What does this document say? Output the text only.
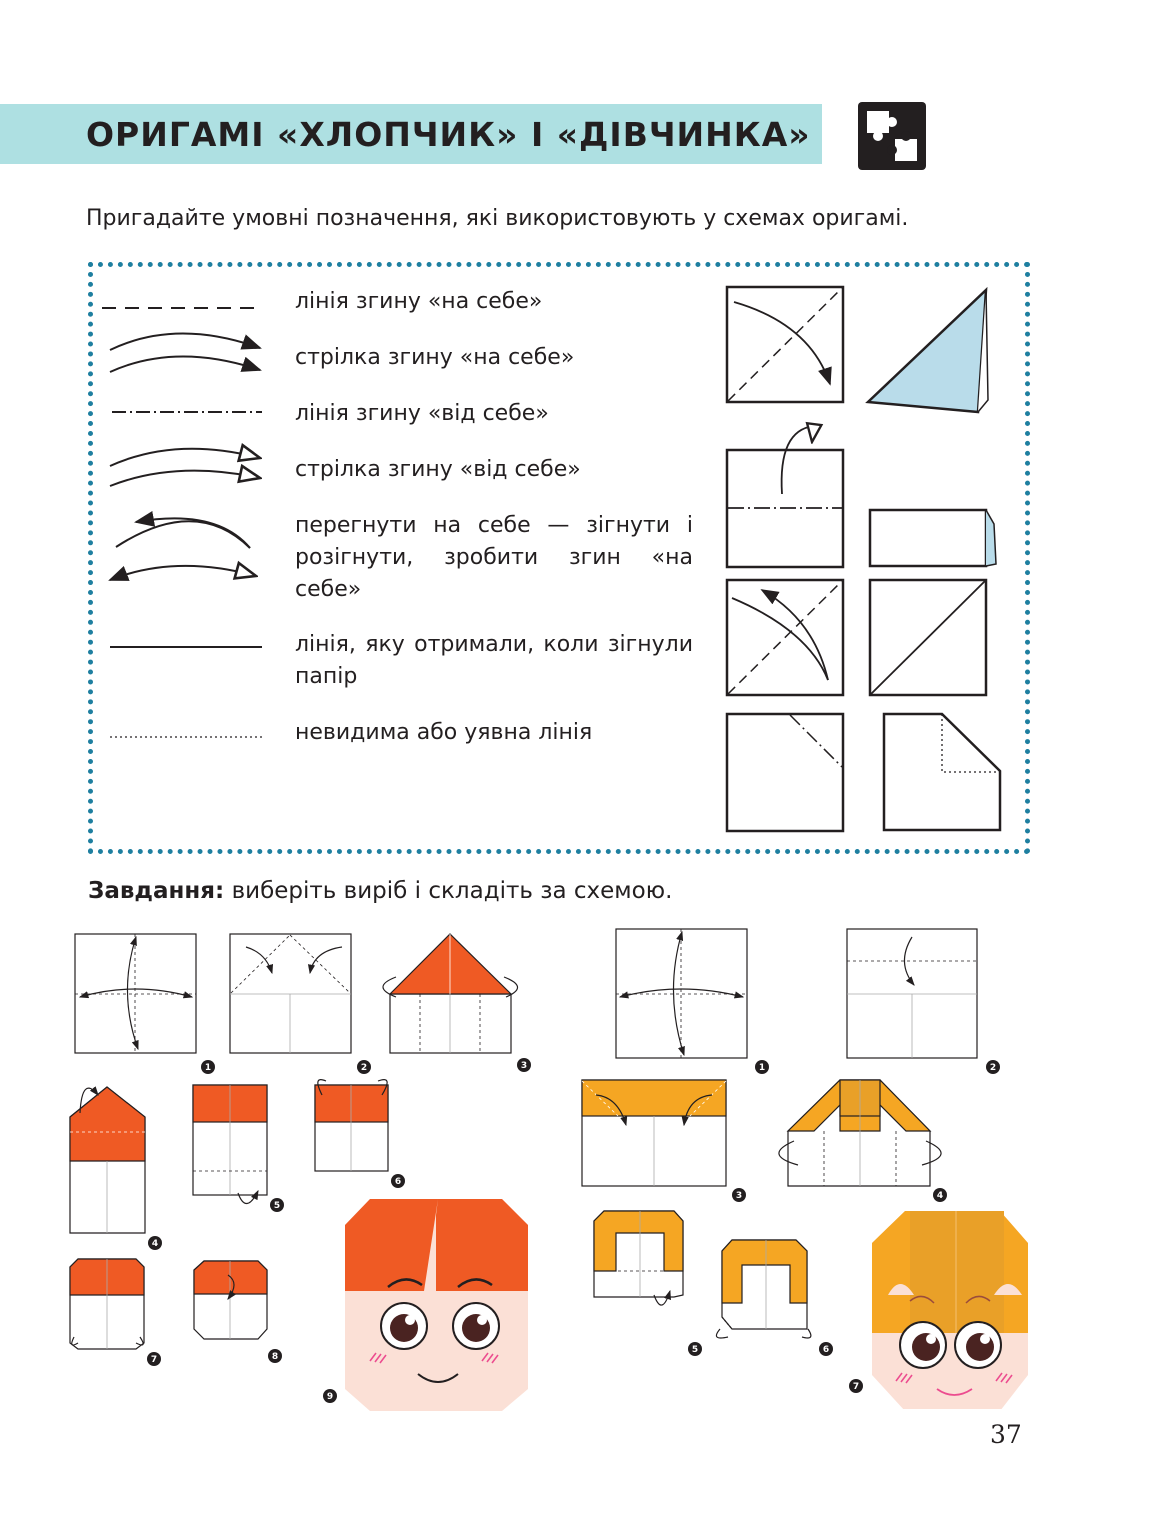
ОРИГАМІ «ХЛОПЧИК» І «ДІВЧИНКА»
Пригадайте умовні позначення, які використовують у схемах оригамі.
лінія згину «на себе»
стрілка згину «на себе»
лінія згину «від себе»
стрілка згину «від себе»
перегнути на себе — зігнути і розігнути, зробити згин «на себе»
лінія, яку отримали, коли зігнули папір
невидима або уявна лінія
Завдання: виберіть виріб і складіть за схемою.
1	2	3
4
5
6
7	8
9
1	2
3	4
5	6
7
37
